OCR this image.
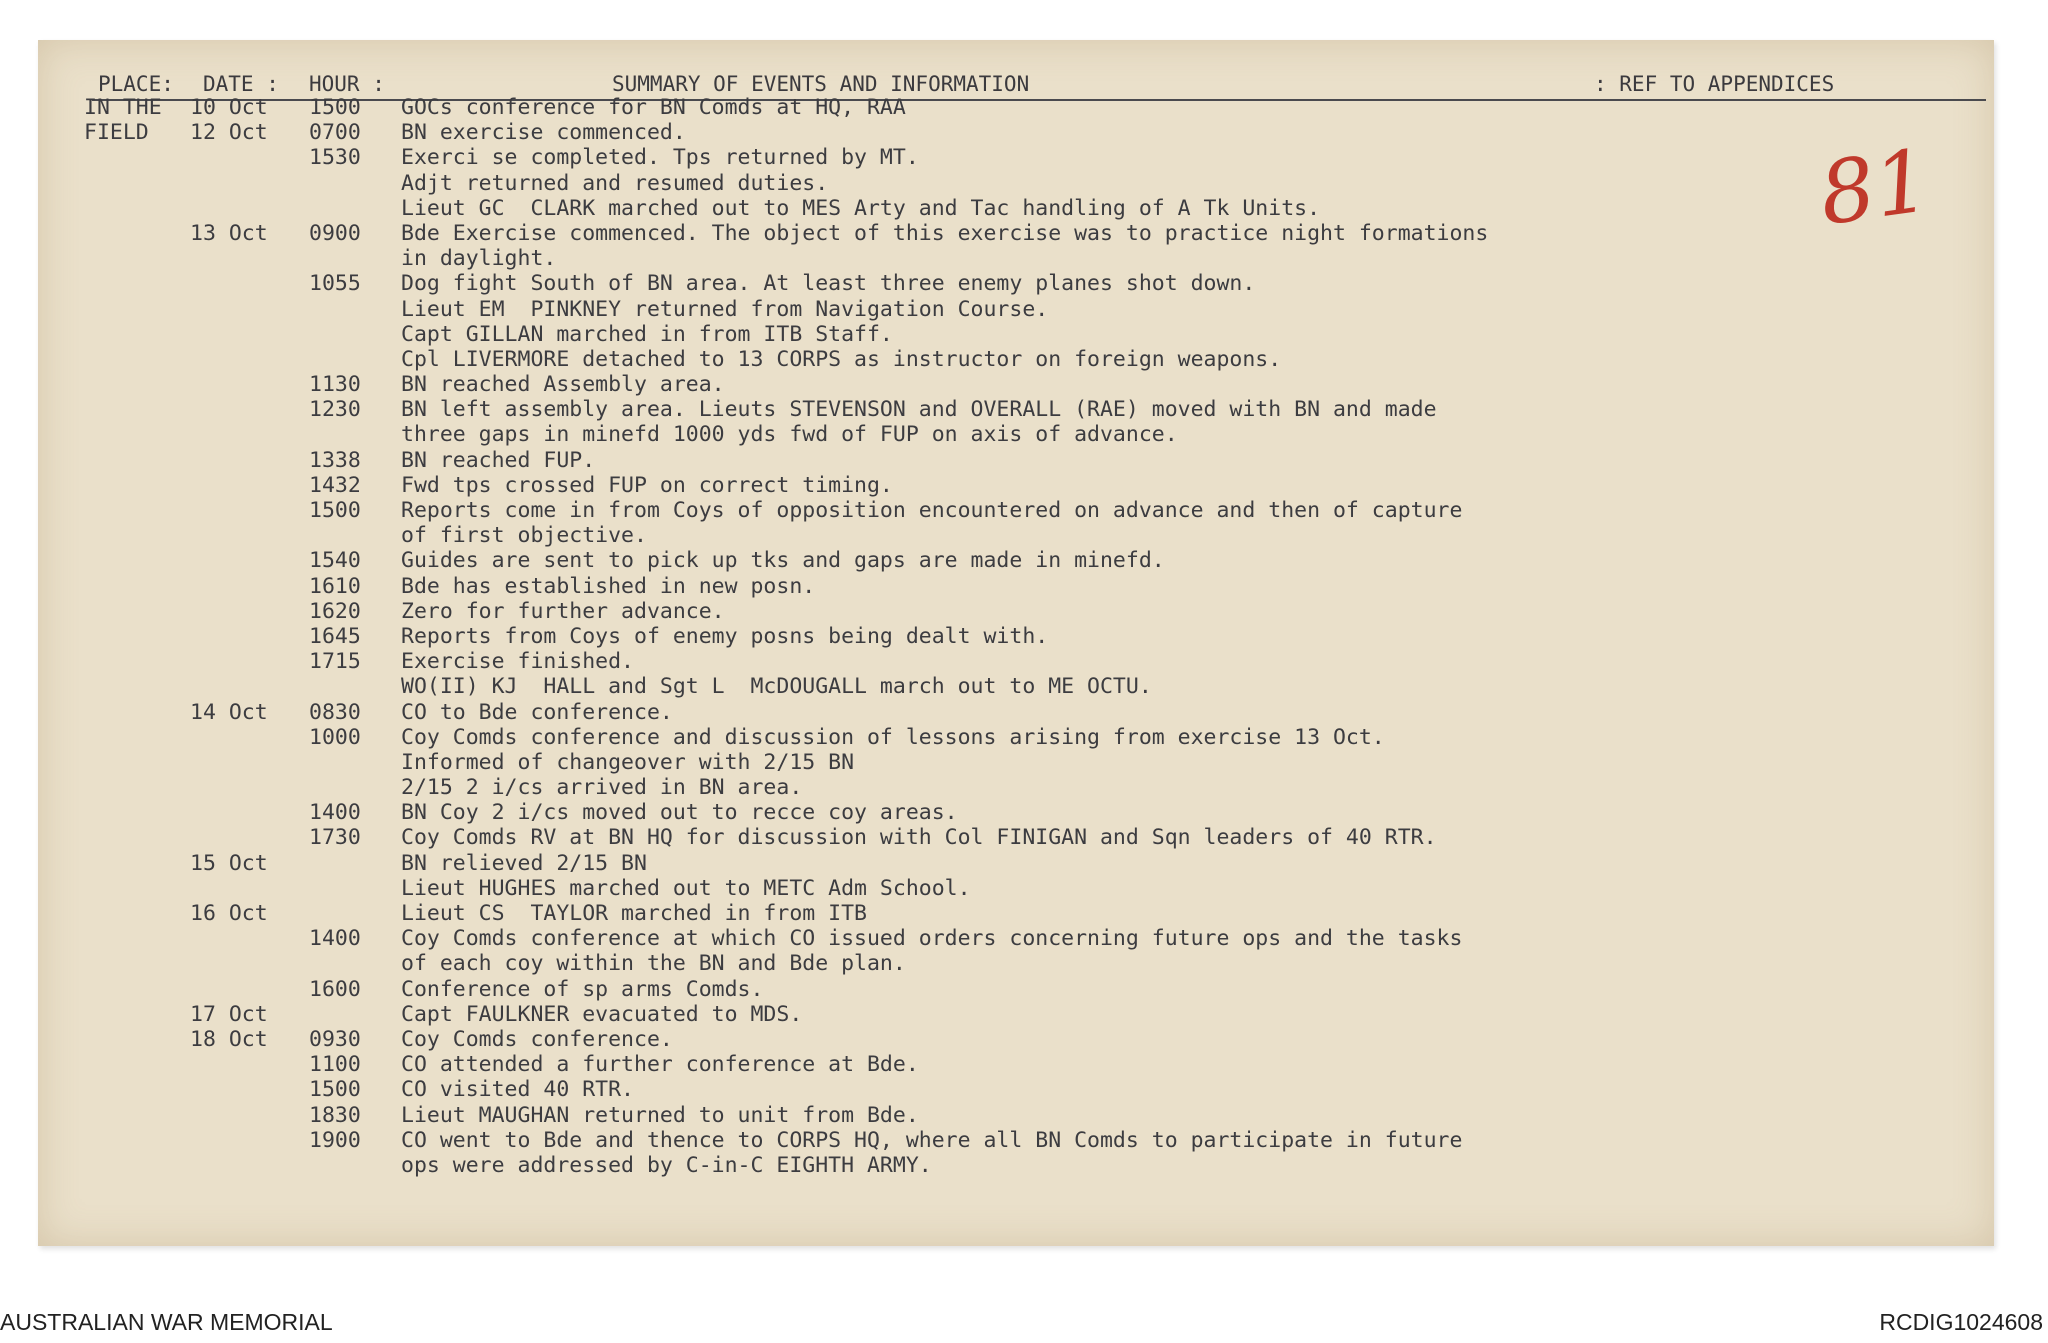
PLACE: DATE : HOUR :	SUMMARY OF EVENTS AND INFORMATION	: REF TO APPENDICES
IN THE 10 Oct 1500 GOCs conference for BN Comds at HQ, RAA
FIELD 12 Oct 0700 BN exercise commenced.
1530 Exerci se completed. Tps returned by MT.
Adjt returned and resumed duties.
Lieut GC  CLARK marched out to MES Arty and Tac handling of A Tk Units.
13 Oct 0900 Bde Exercise commenced. The object of this exercise was to practice night formations
in daylight.
1055 Dog fight South of BN area. At least three enemy planes shot down.
Lieut EM  PINKNEY returned from Navigation Course.
Capt GILLAN marched in from ITB Staff.
Cpl LIVERMORE detached to 13 CORPS as instructor on foreign weapons.
1130 BN reached Assembly area.
1230 BN left assembly area. Lieuts STEVENSON and OVERALL (RAE) moved with BN and made
three gaps in minefd 1000 yds fwd of FUP on axis of advance.
1338 BN reached FUP.
1432 Fwd tps crossed FUP on correct timing.
1500 Reports come in from Coys of opposition encountered on advance and then of capture
of first objective.
1540 Guides are sent to pick up tks and gaps are made in minefd.
1610 Bde has established in new posn.
1620 Zero for further advance.
1645 Reports from Coys of enemy posns being dealt with.
1715 Exercise finished.
WO(II) KJ  HALL and Sgt L  McDOUGALL march out to ME OCTU.
14 Oct 0830 CO to Bde conference.
1000 Coy Comds conference and discussion of lessons arising from exercise 13 Oct.
Informed of changeover with 2/15 BN
2/15 2 i/cs arrived in BN area.
1400 BN Coy 2 i/cs moved out to recce coy areas.
1730 Coy Comds RV at BN HQ for discussion with Col FINIGAN and Sqn leaders of 40 RTR.
15 Oct	BN relieved 2/15 BN
Lieut HUGHES marched out to METC Adm School.
16 Oct	Lieut CS  TAYLOR marched in from ITB
1400 Coy Comds conference at which CO issued orders concerning future ops and the tasks
of each coy within the BN and Bde plan.
1600 Conference of sp arms Comds.
17 Oct	Capt FAULKNER evacuated to MDS.
18 Oct 0930 Coy Comds conference.
1100 CO attended a further conference at Bde.
1500 CO visited 40 RTR.
1830 Lieut MAUGHAN returned to unit from Bde.
1900 CO went to Bde and thence to CORPS HQ, where all BN Comds to participate in future
ops were addressed by C-in-C EIGHTH ARMY.
81
AUSTRALIAN WAR MEMORIAL	RCDIG1024608
